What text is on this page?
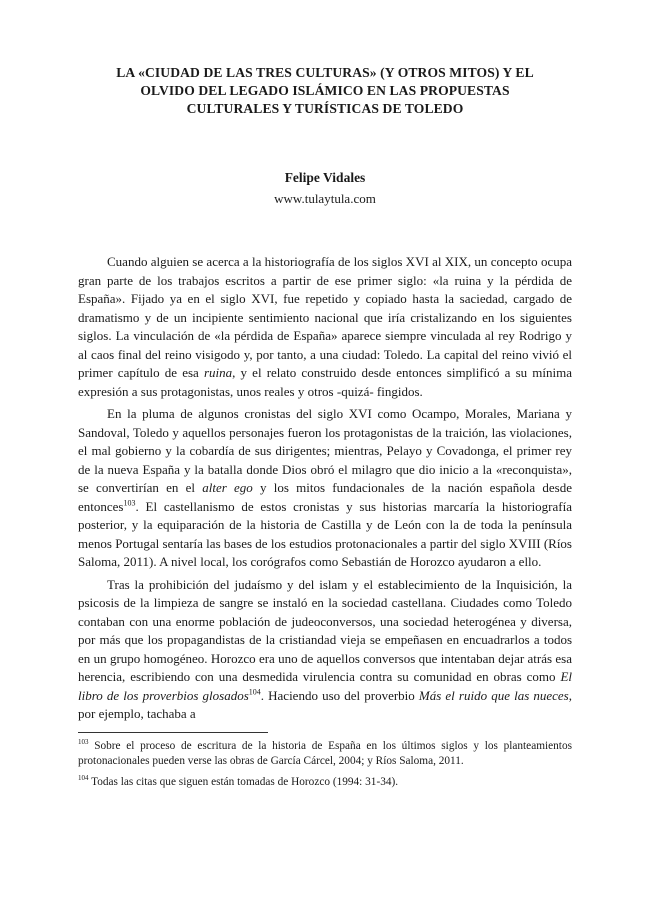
LA «CIUDAD DE LAS TRES CULTURAS» (Y OTROS MITOS) Y EL
OLVIDO DEL LEGADO ISLÁMICO EN LAS PROPUESTAS
CULTURALES Y TURÍSTICAS DE TOLEDO

Felipe Vidales

www.tulaytula.com

Cuando alguien se acerca a la historiografía de los siglos XVI al XIX, un concepto ocupa gran parte de los trabajos escritos a partir de ese primer siglo: «la ruina y la pérdida de España». Fijado ya en el siglo XVI, fue repetido y copiado hasta la saciedad, cargado de dramatismo y de un incipiente sentimiento nacional que iría cristalizando en los siguientes siglos. La vinculación de «la pérdida de España» aparece siempre vinculada al rey Rodrigo y al caos final del reino visigodo y, por tanto, a una ciudad: Toledo. La capital del reino vivió el primer capítulo de esa ruina, y el relato construido desde entonces simplificó a su mínima expresión a sus protagonistas, unos reales y otros -quizá- fingidos.

En la pluma de algunos cronistas del siglo XVI como Ocampo, Morales, Mariana y Sandoval, Toledo y aquellos personajes fueron los protagonistas de la traición, las violaciones, el mal gobierno y la cobardía de sus dirigentes; mientras, Pelayo y Covadonga, el primer rey de la nueva España y la batalla donde Dios obró el milagro que dio inicio a la «reconquista», se convertirían en el alter ego y los mitos fundacionales de la nación española desde entonces$^{103}$. El castellanismo de estos cronistas y sus historias marcaría la historiografía posterior, y la equiparación de la historia de Castilla y de León con la de toda la península menos Portugal sentaría las bases de los estudios protonacionales a partir del siglo XVIII (Ríos Saloma, 2011). A nivel local, los corógrafos como Sebastián de Horozco ayudaron a ello.

Tras la prohibición del judaísmo y del islam y el establecimiento de la Inquisición, la psicosis de la limpieza de sangre se instaló en la sociedad castellana. Ciudades como Toledo contaban con una enorme población de judeoconversos, una sociedad heterogénea y diversa, por más que los propagandistas de la cristiandad vieja se empeñasen en encuadrarlos a todos en un grupo homogéneo. Horozco era uno de aquellos conversos que intentaban dejar atrás esa herencia, escribiendo con una desmedida virulencia contra su comunidad en obras como El libro de los proverbios glosados$^{104}$. Haciendo uso del proverbio Más el ruido que las nueces, por ejemplo, tachaba a

$^{103}$ Sobre el proceso de escritura de la historia de España en los últimos siglos y los planteamientos protonacionales pueden verse las obras de García Cárcel, 2004; y Ríos Saloma, 2011.

$^{104}$ Todas las citas que siguen están tomadas de Horozco (1994: 31-34).
